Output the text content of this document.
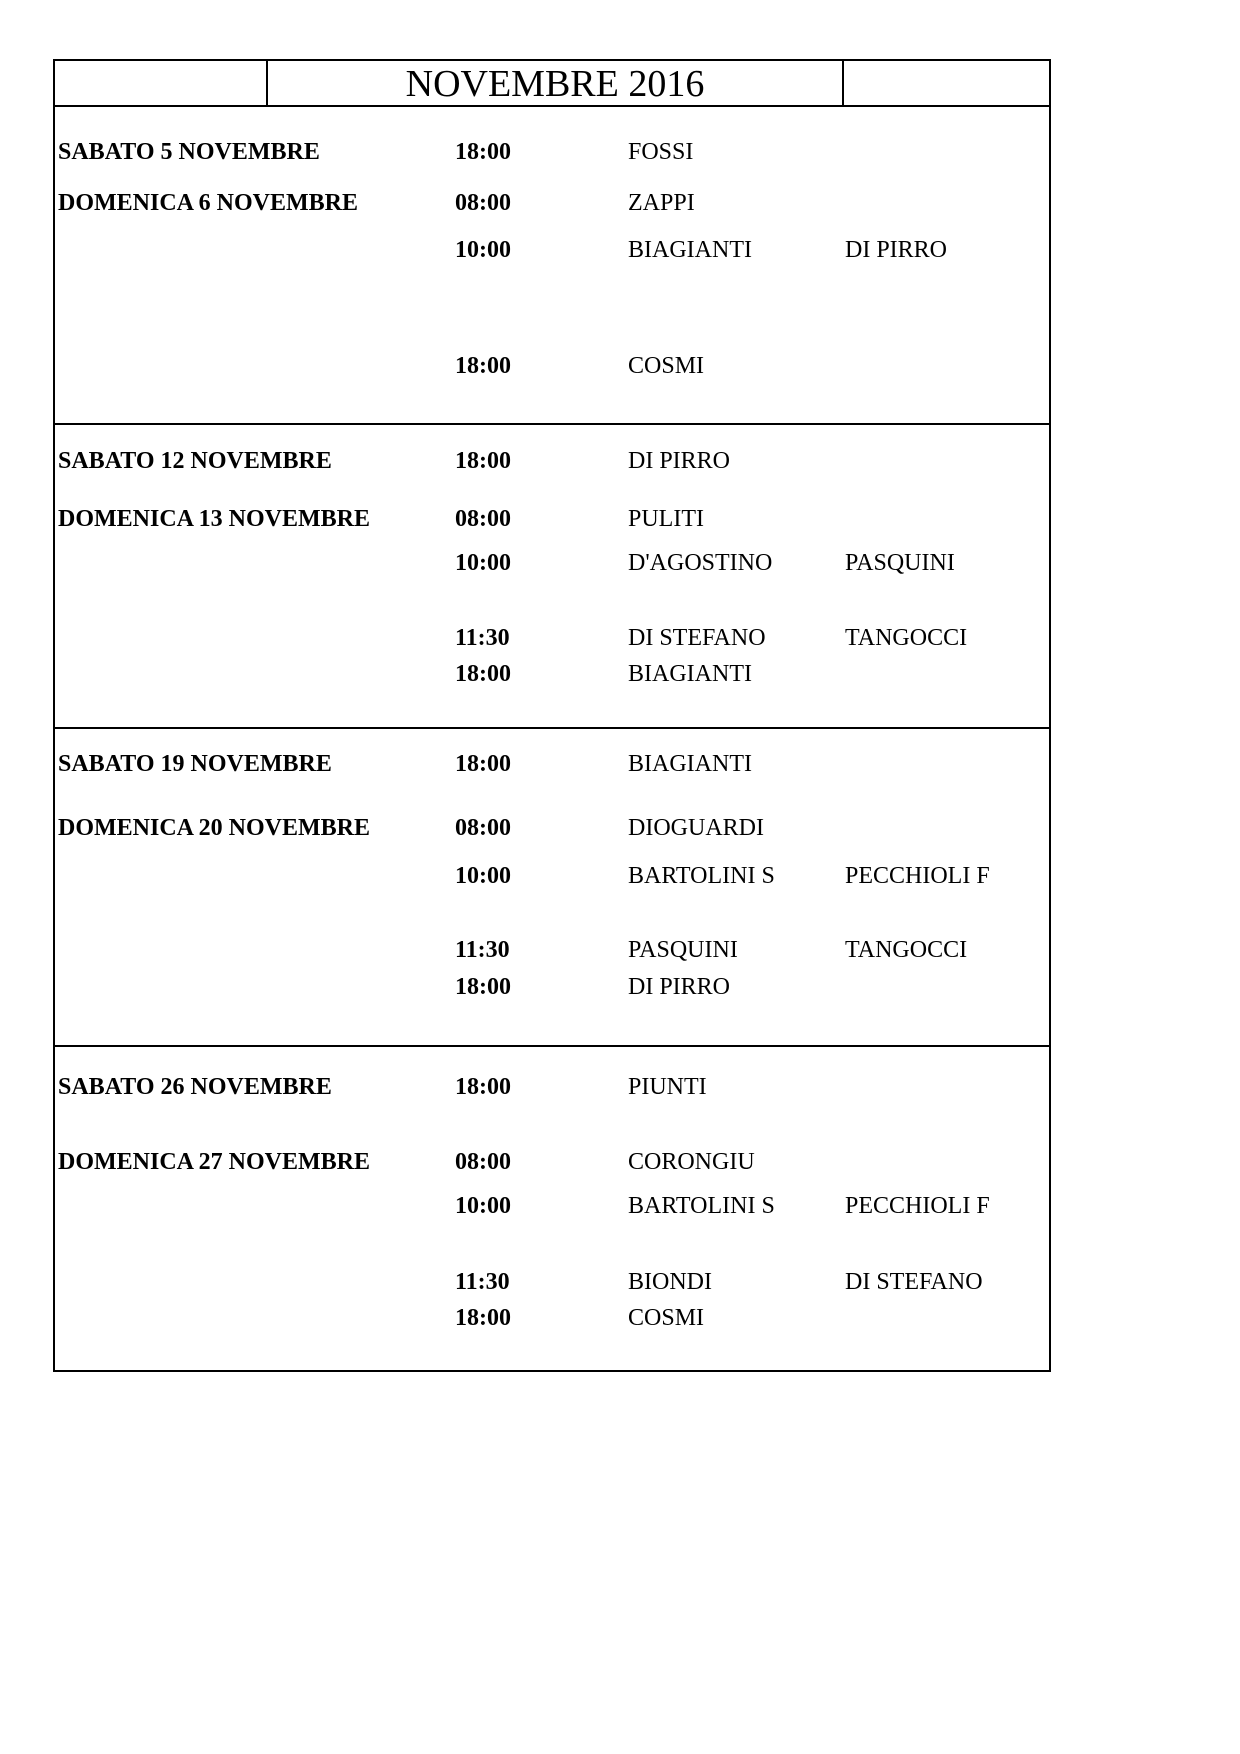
NOVEMBRE 2016
SABATO 5 NOVEMBRE	18:00	FOSSI
DOMENICA 6 NOVEMBRE	08:00	ZAPPI
10:00	BIAGIANTI	DI PIRRO
18:00	COSMI
SABATO 12 NOVEMBRE	18:00	DI PIRRO
DOMENICA 13 NOVEMBRE	08:00	PULITI
10:00	D'AGOSTINO	PASQUINI
11:30	DI STEFANO	TANGOCCI
18:00	BIAGIANTI
SABATO 19 NOVEMBRE	18:00	BIAGIANTI
DOMENICA 20 NOVEMBRE	08:00	DIOGUARDI
10:00	BARTOLINI S	PECCHIOLI F
11:30	PASQUINI	TANGOCCI
18:00	DI PIRRO
SABATO 26 NOVEMBRE	18:00	PIUNTI
DOMENICA 27 NOVEMBRE	08:00	CORONGIU
10:00	BARTOLINI S	PECCHIOLI F
11:30	BIONDI	DI STEFANO
18:00	COSMI
